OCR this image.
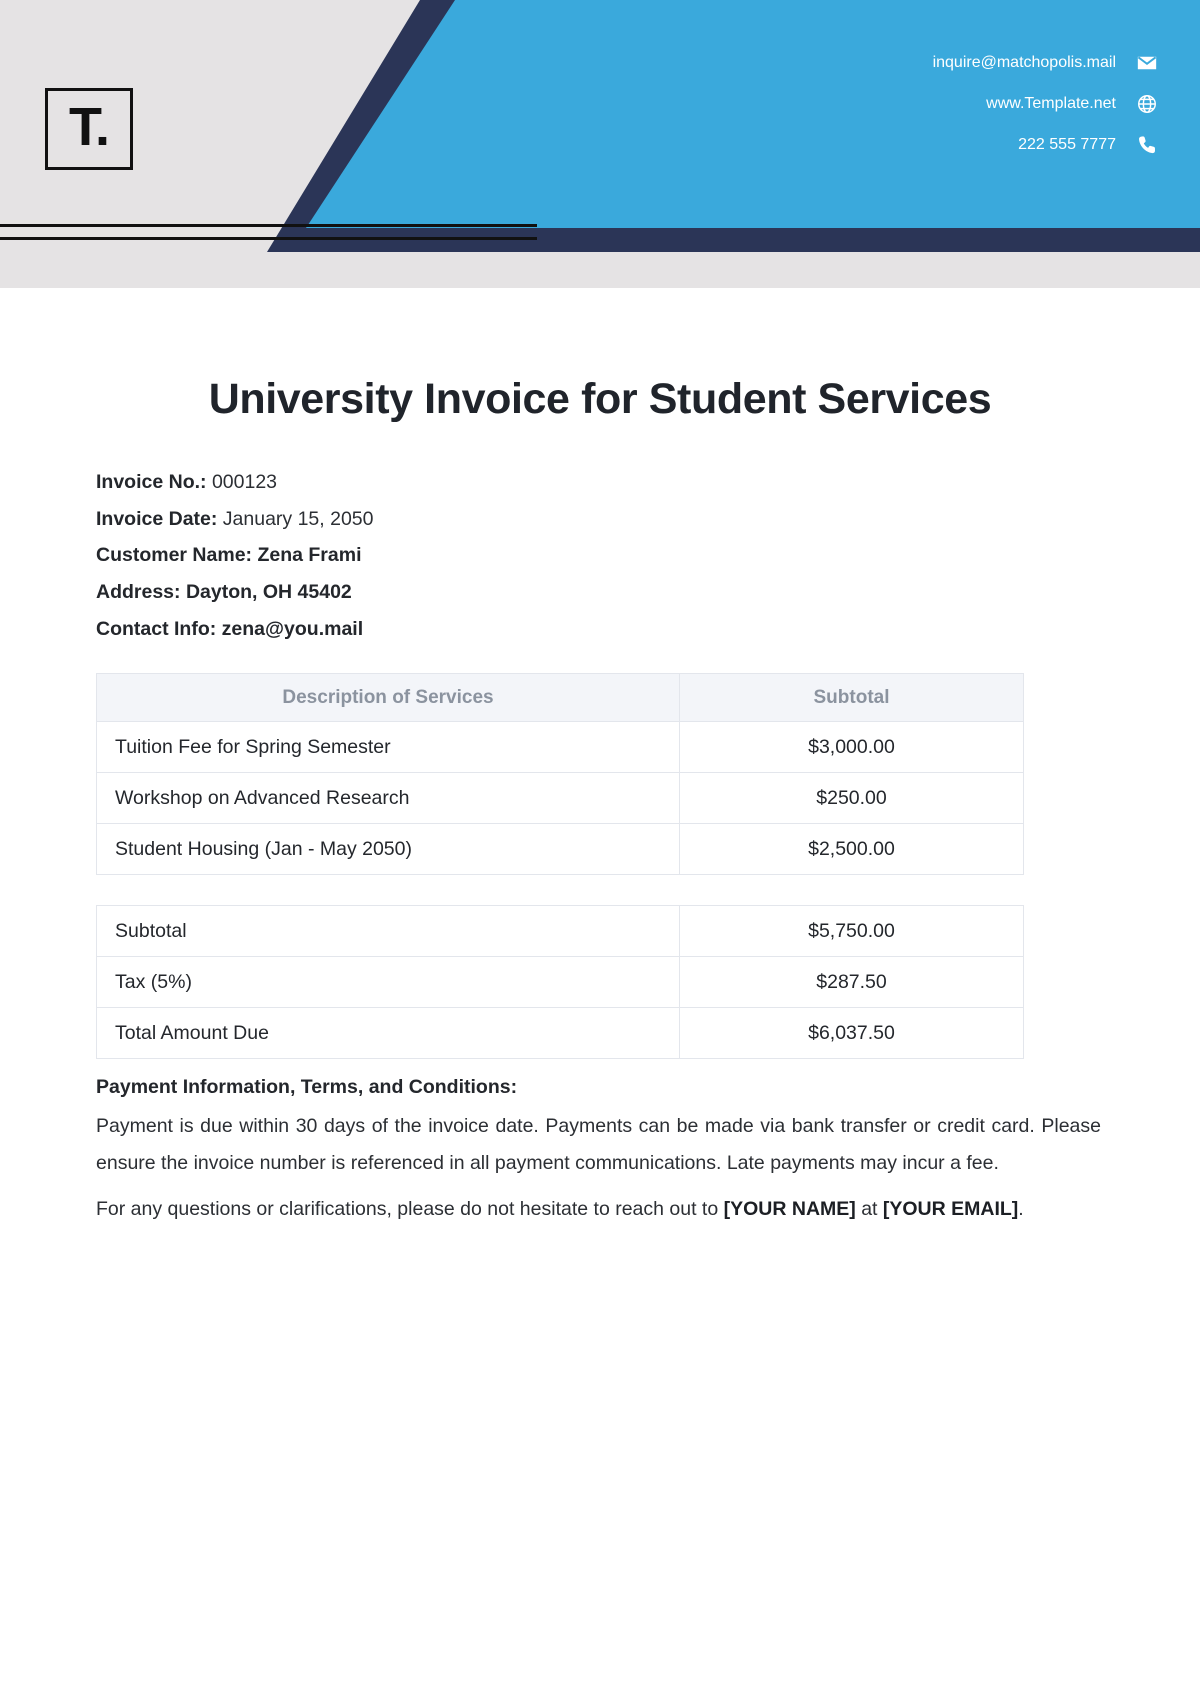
T.
inquire@matchopolis.mail
www.Template.net
222 555 7777
University Invoice for Student Services
Invoice No.: 000123
Invoice Date: January 15, 2050
Customer Name: Zena Frami
Address: Dayton, OH 45402
Contact Info: zena@you.mail
Description of Services	Subtotal
Tuition Fee for Spring Semester	$3,000.00
Workshop on Advanced Research	$250.00
Student Housing (Jan - May 2050)	$2,500.00
Subtotal	$5,750.00
Tax (5%)	$287.50
Total Amount Due	$6,037.50
Payment Information, Terms, and Conditions:
Payment is due within 30 days of the invoice date. Payments can be made via bank transfer or credit card. Please ensure the invoice number is referenced in all payment communications. Late payments may incur a fee.
For any questions or clarifications, please do not hesitate to reach out to [YOUR NAME] at [YOUR EMAIL].
